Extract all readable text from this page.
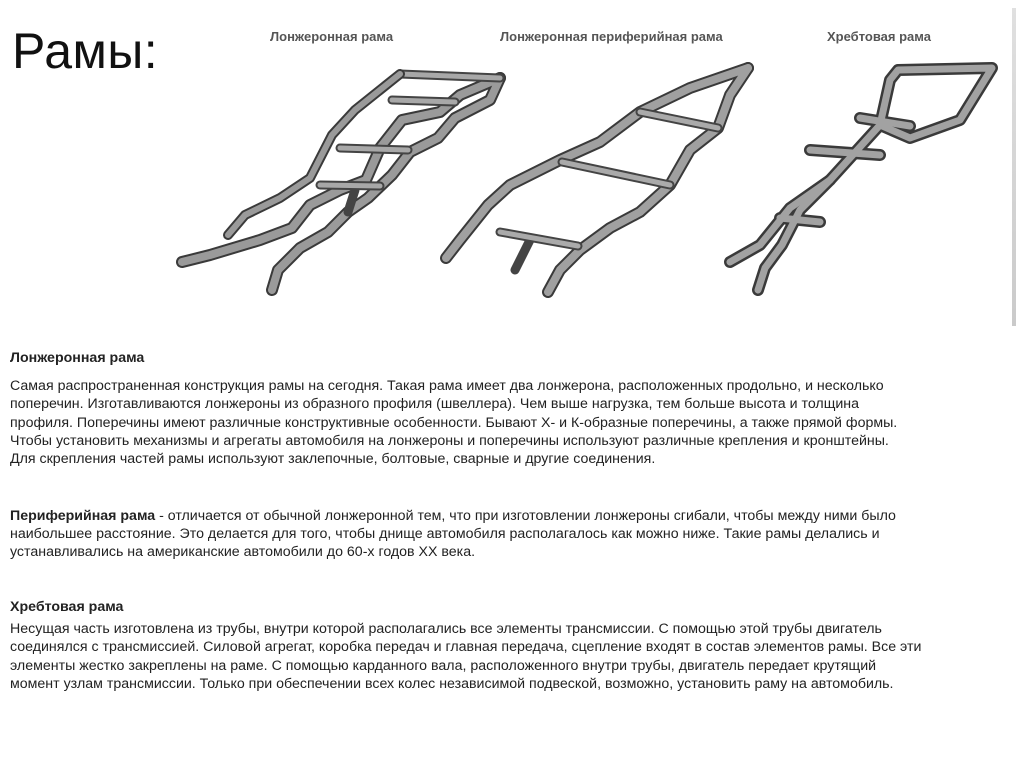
Рамы:	Лонжеронная рама	Лонжеронная периферийная рама	Хребтовая рама

Лонжеронная рама

Самая распространенная конструкция рамы на сегодня. Такая рама имеет два лонжерона, расположенных продольно, и несколько

поперечин. Изготавливаются лонжероны из образного профиля (швеллера). Чем выше нагрузка, тем больше высота и толщина

профиля. Поперечины имеют различные конструктивные особенности. Бывают Х- и К-образные поперечины, а также прямой формы.

Чтобы установить механизмы и агрегаты автомобиля на лонжероны и поперечины используют различные крепления и кронштейны.

Для скрепления частей рамы используют заклепочные, болтовые, сварные и другие соединения.

Периферийная рама - отличается от обычной лонжеронной тем, что при изготовлении лонжероны сгибали, чтобы между ними было

наибольшее расстояние. Это делается для того, чтобы днище автомобиля располагалось как можно ниже. Такие рамы делались и

устанавливались на американские автомобили до 60-х годов XX века.

Хребтовая рама

Несущая часть изготовлена из трубы, внутри которой располагались все элементы трансмиссии. С помощью этой трубы двигатель

соединялся с трансмиссией. Силовой агрегат, коробка передач и главная передача, сцепление входят в состав элементов рамы. Все эти

элементы жестко закреплены на раме. С помощью карданного вала, расположенного внутри трубы, двигатель передает крутящий

момент узлам трансмиссии. Только при обеспечении всех колес независимой подвеской, возможно, установить раму на автомобиль.
